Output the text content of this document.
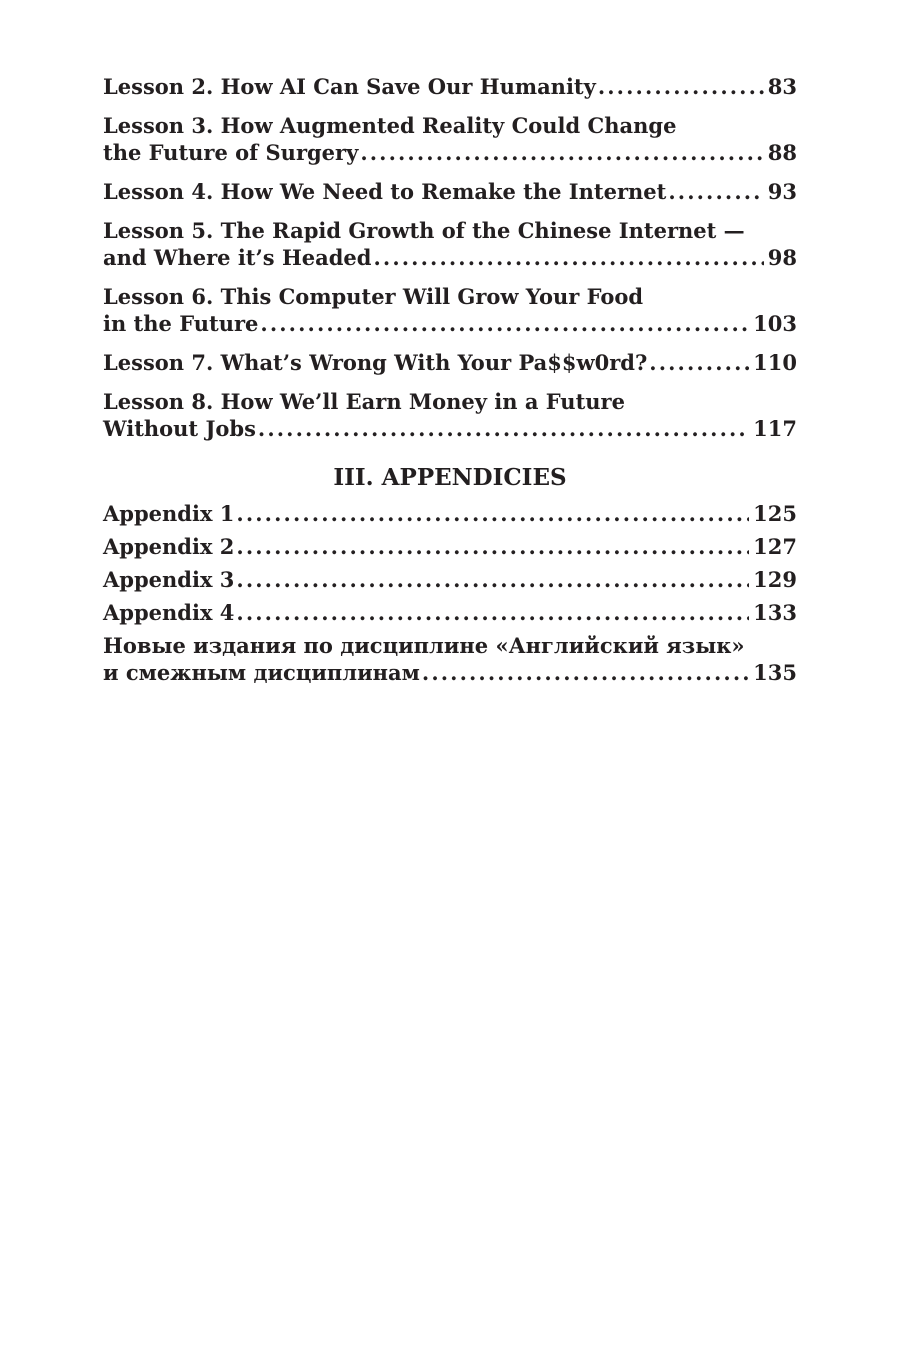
Lesson 2. How AI Can Save Our Humanity . . .	83
Lesson 3. How Augmented Reality Could Change
the Future of Surgery . . .	88
Lesson 4. How We Need to Remake the Internet . . .	93
Lesson 5. The Rapid Growth of the Chinese Internet —
and Where it’s Headed . . .	98
Lesson 6. This Computer Will Grow Your Food
in the Future . . .	103
Lesson 7. What’s Wrong With Your Pa$$w0rd? . . .	110
Lesson 8. How We’ll Earn Money in a Future
Without Jobs . . .	117
III. APPENDICIES
Appendix 1 . . .	125
Appendix 2 . . .	127
Appendix 3 . . .	129
Appendix 4 . . .	133
Новые издания по дисциплине «Английский язык»
и смежным дисциплинам . . .	135
